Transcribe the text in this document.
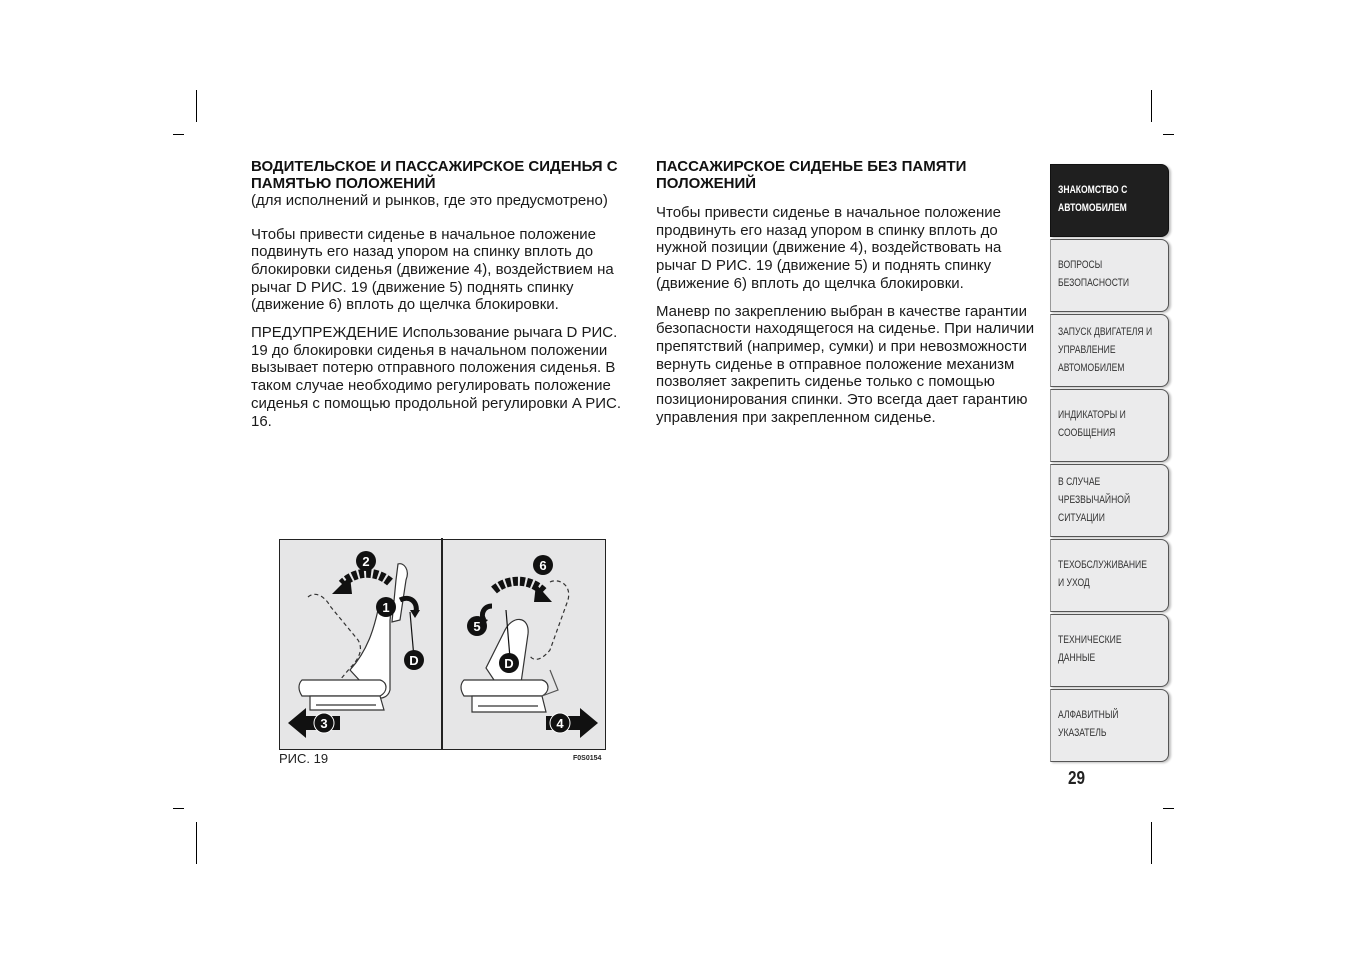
ВОДИТЕЛЬСКОЕ И ПАССАЖИРСКОЕ СИДЕНЬЯ С ПАМЯТЬЮ ПОЛОЖЕНИЙ
(для исполнений и рынков, где это предусмотрено)

Чтобы привести сиденье в начальное положение подвинуть его назад упором на спинку вплоть до блокировки сиденья (движение 4), воздействием на рычаг D РИС. 19 (движение 5) поднять спинку (движение 6) вплоть до щелчка блокировки.

ПРЕДУПРЕЖДЕНИЕ Использование рычага D РИС. 19 до блокировки сиденья в начальном положении вызывает потерю отправного положения сиденья. В таком случае необходимо регулировать положение сиденья с помощью продольной регулировки A РИС. 16.

ПАССАЖИРСКОЕ СИДЕНЬЕ БЕЗ ПАМЯТИ ПОЛОЖЕНИЙ

Чтобы привести сиденье в начальное положение продвинуть его назад упором в спинку вплоть до нужной позиции (движение 4), воздействовать на рычаг D РИС. 19 (движение 5) и поднять спинку (движение 6) вплоть до щелчка блокировки.

Маневр по закреплению выбран в качестве гарантии безопасности находящегося на сиденье. При наличии препятствий (например, сумки) и при невозможности вернуть сиденье в отправное положение механизм позволяет закрепить сиденье только с помощью позиционирования спинки. Это всегда дает гарантию управления при закрепленном сиденье.

2
1
D
3
6
5
D
4
РИС. 19	F0S0154
ЗНАКОМСТВО С
АВТОМОБИЛЕМ
ВОПРОСЫ
БЕЗОПАСНОСТИ
ЗАПУСК ДВИГАТЕЛЯ И
УПРАВЛЕНИЕ
АВТОМОБИЛЕМ
ИНДИКАТОРЫ И
СООБЩЕНИЯ
В СЛУЧАЕ
ЧРЕЗВЫЧАЙНОЙ
СИТУАЦИИ
ТЕХОБСЛУЖИВАНИЕ
И УХОД
ТЕХНИЧЕСКИЕ
ДАННЫЕ
АЛФАВИТНЫЙ
УКАЗАТЕЛЬ
29
